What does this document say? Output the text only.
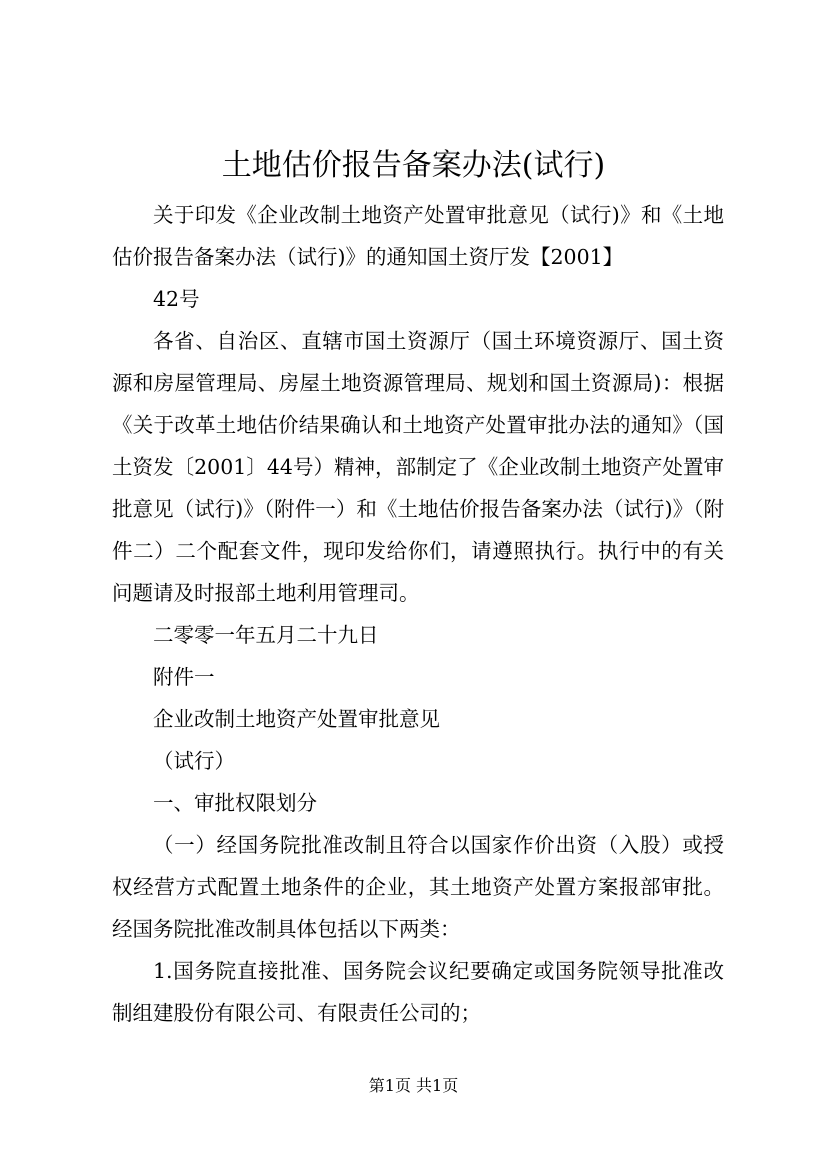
土地估价报告备案办法(试行)

关于印发《企业改制土地资产处置审批意见（试行)》和《土地估价报告备案办法（试行)》的通知国土资厅发【2001】

42号

各省、自治区、直辖市国土资源厅（国土环境资源厅、国土资源和房屋管理局、房屋土地资源管理局、规划和国土资源局)：根据《关于改革土地估价结果确认和土地资产处置审批办法的通知》（国土资发〔2001〕44号）精神，部制定了《企业改制土地资产处置审批意见（试行)》（附件一）和《土地估价报告备案办法（试行)》（附件二）二个配套文件，现印发给你们，请遵照执行。执行中的有关问题请及时报部土地利用管理司。

二零零一年五月二十九日

附件一

企业改制土地资产处置审批意见

（试行）

一、审批权限划分

（一）经国务院批准改制且符合以国家作价出资（入股）或授权经营方式配置土地条件的企业，其土地资产处置方案报部审批。经国务院批准改制具体包括以下两类：

1.国务院直接批准、国务院会议纪要确定或国务院领导批准改制组建股份有限公司、有限责任公司的；

第1页 共1页
